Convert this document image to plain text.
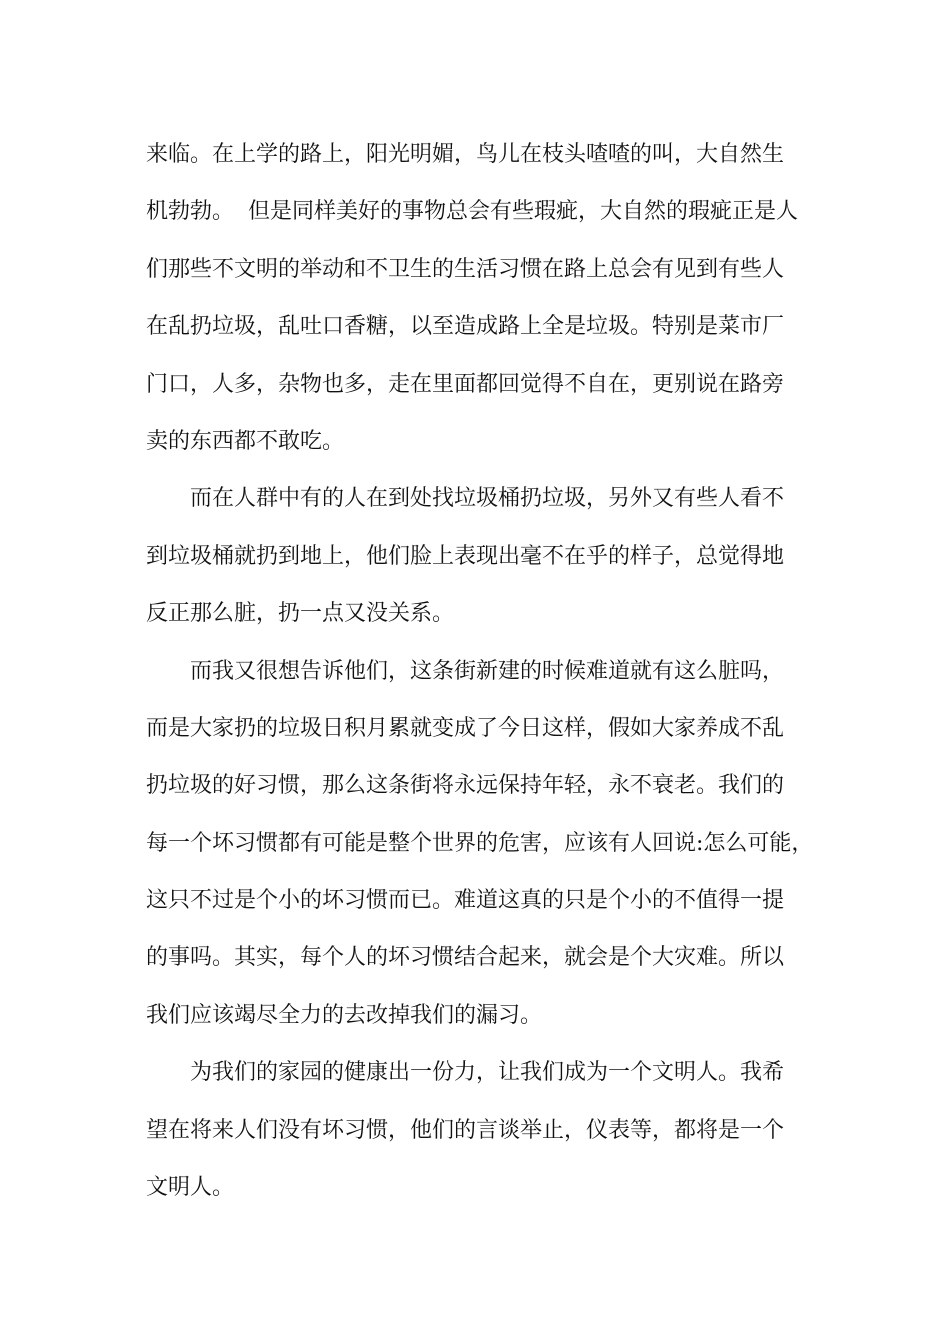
来临。在上学的路上，阳光明媚，鸟儿在枝头喳喳的叫，大自然生
机勃勃。  但是同样美好的事物总会有些瑕疵，大自然的瑕疵正是人
们那些不文明的举动和不卫生的生活习惯在路上总会有见到有些人
在乱扔垃圾，乱吐口香糖，以至造成路上全是垃圾。特别是菜市厂
门口，人多，杂物也多，走在里面都回觉得不自在，更别说在路旁
卖的东西都不敢吃。
而在人群中有的人在到处找垃圾桶扔垃圾，另外又有些人看不
到垃圾桶就扔到地上，他们脸上表现出毫不在乎的样子，总觉得地
反正那么脏，扔一点又没关系。
而我又很想告诉他们，这条街新建的时候难道就有这么脏吗，
而是大家扔的垃圾日积月累就变成了今日这样，假如大家养成不乱
扔垃圾的好习惯，那么这条街将永远保持年轻，永不衰老。我们的
每一个坏习惯都有可能是整个世界的危害，应该有人回说:怎么可能，
这只不过是个小的坏习惯而已。难道这真的只是个小的不值得一提
的事吗。其实，每个人的坏习惯结合起来，就会是个大灾难。所以
我们应该竭尽全力的去改掉我们的漏习。
为我们的家园的健康出一份力，让我们成为一个文明人。我希
望在将来人们没有坏习惯，他们的言谈举止，仪表等，都将是一个
文明人。
